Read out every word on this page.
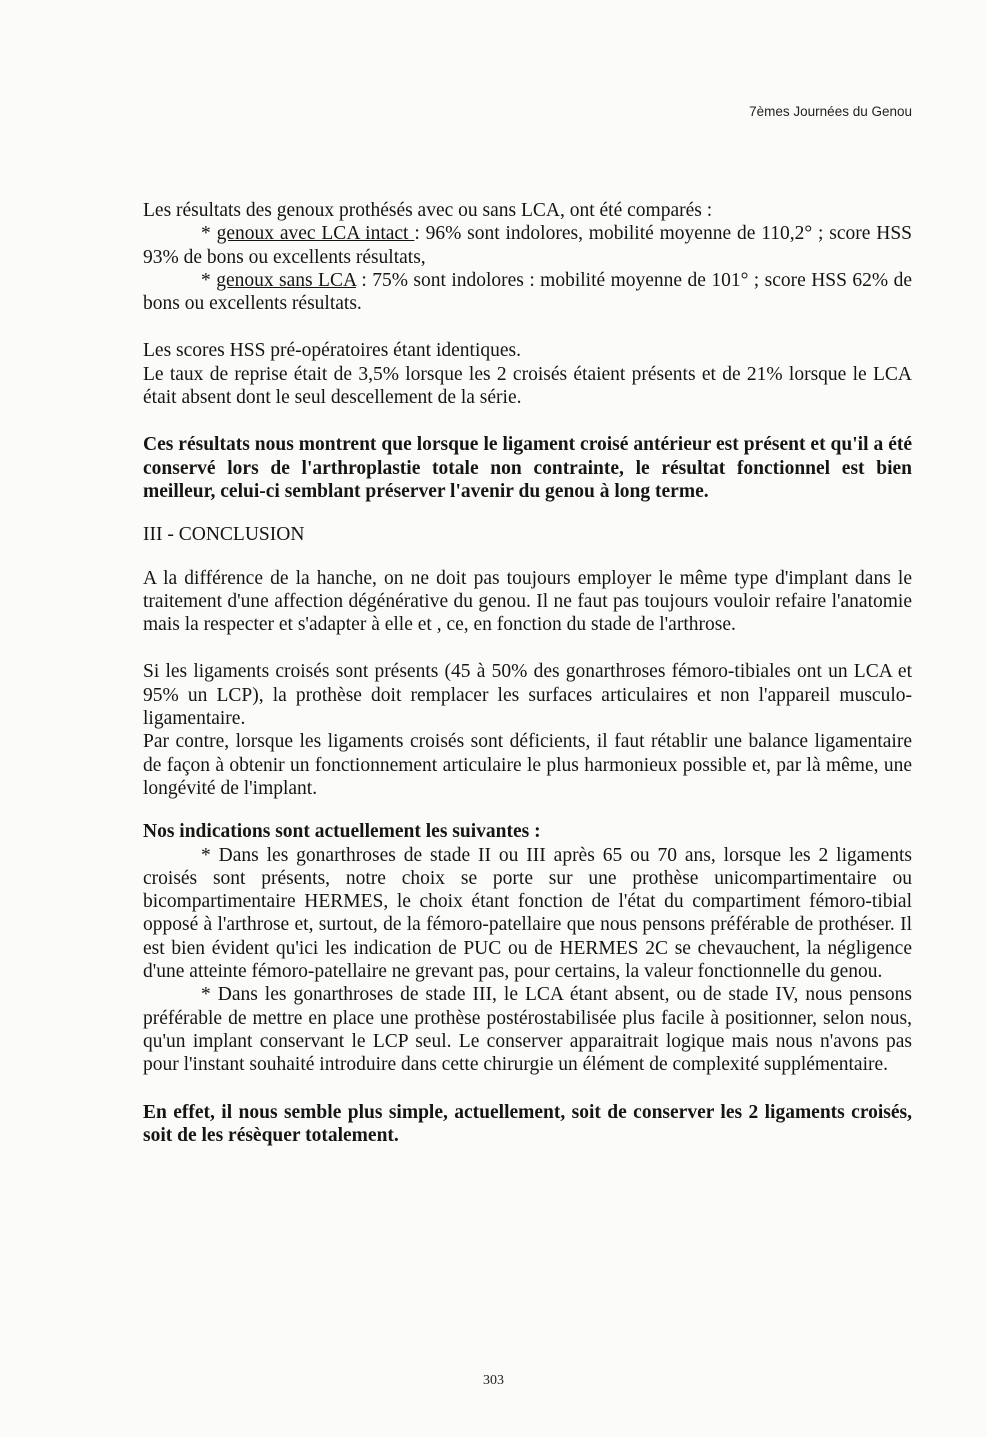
7èmes Journées du Genou

Les résultats des genoux prothésés avec ou sans LCA, ont été comparés :

* genoux avec LCA intact : 96% sont indolores, mobilité moyenne de 110,2° ; score HSS 93% de bons ou excellents résultats,

* genoux sans LCA : 75% sont indolores : mobilité moyenne de 101° ; score HSS 62% de bons ou excellents résultats.

Les scores HSS pré-opératoires étant identiques.

Le taux de reprise était de 3,5% lorsque les 2 croisés étaient présents et de 21% lorsque le LCA était absent dont le seul descellement de la série.

Ces résultats nous montrent que lorsque le ligament croisé antérieur est présent et qu'il a été conservé lors de l'arthroplastie totale non contrainte, le résultat fonctionnel est bien meilleur, celui-ci semblant préserver l'avenir du genou à long terme.

III - CONCLUSION

A la différence de la hanche, on ne doit pas toujours employer le même type d'implant dans le traitement d'une affection dégénérative du genou. Il ne faut pas toujours vouloir refaire l'anatomie mais la respecter et s'adapter à elle et , ce, en fonction du stade de l'arthrose.

Si les ligaments croisés sont présents (45 à 50% des gonarthroses fémoro-tibiales ont un LCA et 95% un LCP), la prothèse doit remplacer les surfaces articulaires et non l'appareil musculo-ligamentaire.

Par contre, lorsque les ligaments croisés sont déficients, il faut rétablir une balance ligamentaire de façon à obtenir un fonctionnement articulaire le plus harmonieux possible et, par là même, une longévité de l'implant.

Nos indications sont actuellement les suivantes :

* Dans les gonarthroses de stade II ou III après 65 ou 70 ans, lorsque les 2 ligaments croisés sont présents, notre choix se porte sur une prothèse unicompartimentaire ou bicompartimentaire HERMES, le choix étant fonction de l'état du compartiment fémoro-tibial opposé à l'arthrose et, surtout, de la fémoro-patellaire que nous pensons préférable de prothéser. Il est bien évident qu'ici les indication de PUC ou de HERMES 2C se chevauchent, la négligence d'une atteinte fémoro-patellaire ne grevant pas, pour certains, la valeur fonctionnelle du genou.

* Dans les gonarthroses de stade III, le LCA étant absent, ou de stade IV, nous pensons préférable de mettre en place une prothèse postérostabilisée plus facile à positionner, selon nous, qu'un implant conservant le LCP seul. Le conserver apparaitrait logique mais nous n'avons pas pour l'instant souhaité introduire dans cette chirurgie un élément de complexité supplémentaire.

En effet, il nous semble plus simple, actuellement, soit de conserver les 2 ligaments croisés, soit de les résèquer totalement.

303
